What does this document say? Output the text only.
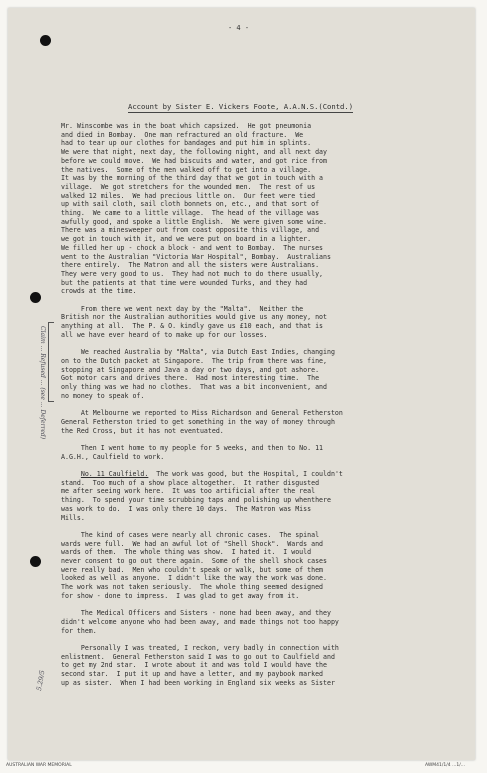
- 4 -
Account by Sister E. Vickers Foote, A.A.N.S.(Contd.)
Mr. Winscombe was in the boat which capsized.  He got pneumonia
and died in Bombay.  One man refractured an old fracture.  We
had to tear up our clothes for bandages and put him in splints.
We were that night, next day, the following night, and all next day
before we could move.  We had biscuits and water, and got rice from
the natives.  Some of the men walked off to get into a village.
It was by the morning of the third day that we got in touch with a
village.  We got stretchers for the wounded men.  The rest of us
walked 12 miles.  We had precious little on.  Our feet were tied
up with sail cloth, sail cloth bonnets on, etc., and that sort of
thing.  We came to a little village.  The head of the village was
awfully good, and spoke a little English.  We were given some wine.
There was a minesweeper out from coast opposite this village, and
we got in touch with it, and we were put on board in a lighter.
We filled her up - chock a block - and went to Bombay.  The nurses
went to the Australian "Victoria War Hospital", Bombay.  Australians
there entirely.  The Matron and all the sisters were Australians.
They were very good to us.  They had not much to do there usually,
but the patients at that time were wounded Turks, and they had
crowds at the time.
From there we went next day by the "Malta".  Neither the
British nor the Australian authorities would give us any money, not
anything at all.  The P. & O. kindly gave us £10 each, and that is
all we have ever heard of to make up for our losses.
We reached Australia by "Malta", via Dutch East Indies, changing
on to the Dutch packet at Singapore.  The trip from there was fine,
stopping at Singapore and Java a day or two days, and got ashore.
Got motor cars and drives there.  Had most interesting time.  The
only thing was we had no clothes.  That was a bit inconvenient, and
no money to speak of.
At Melbourne we reported to Miss Richardson and General Fetherston
General Fetherston tried to get something in the way of money through
the Red Cross, but it has not eventuated.
Then I went home to my people for 5 weeks, and then to No. 11
A.G.H., Caulfield to work.
No. 11 Caulfield.  The work was good, but the Hospital, I couldn't
stand.  Too much of a show place altogether.  It rather disgusted
me after seeing work here.  It was too artificial after the real
thing.  To spend your time scrubbing taps and polishing up whenthere
was work to do.  I was only there 10 days.  The Matron was Miss
Mills.
The kind of cases were nearly all chronic cases.  The spinal
wards were full.  We had an awful lot of "Shell Shock".  Wards and
wards of them.  The whole thing was show.  I hated it.  I would
never consent to go out there again.  Some of the shell shock cases
were really bad.  Men who couldn't speak or walk, but some of them
looked as well as anyone.  I didn't like the way the work was done.
The work was not taken seriously.  The whole thing seemed designed
for show - done to impress.  I was glad to get away from it.
The Medical Officers and Sisters - none had been away, and they
didn't welcome anyone who had been away, and made things not too happy
for them.
Personally I was treated, I reckon, very badly in connection with
enlistment.  General Fetherston said I was to go out to Caulfield and
to get my 2nd star.  I wrote about it and was told I would have the
second star.  I put it up and have a letter, and my paybook marked
up as sister.  When I had been working in England six weeks as Sister
Claim ... Refused ... (see ... Deferred)
5.29/5
AUSTRALIAN WAR MEMORIAL	AWM41/1/4 ...1/...
